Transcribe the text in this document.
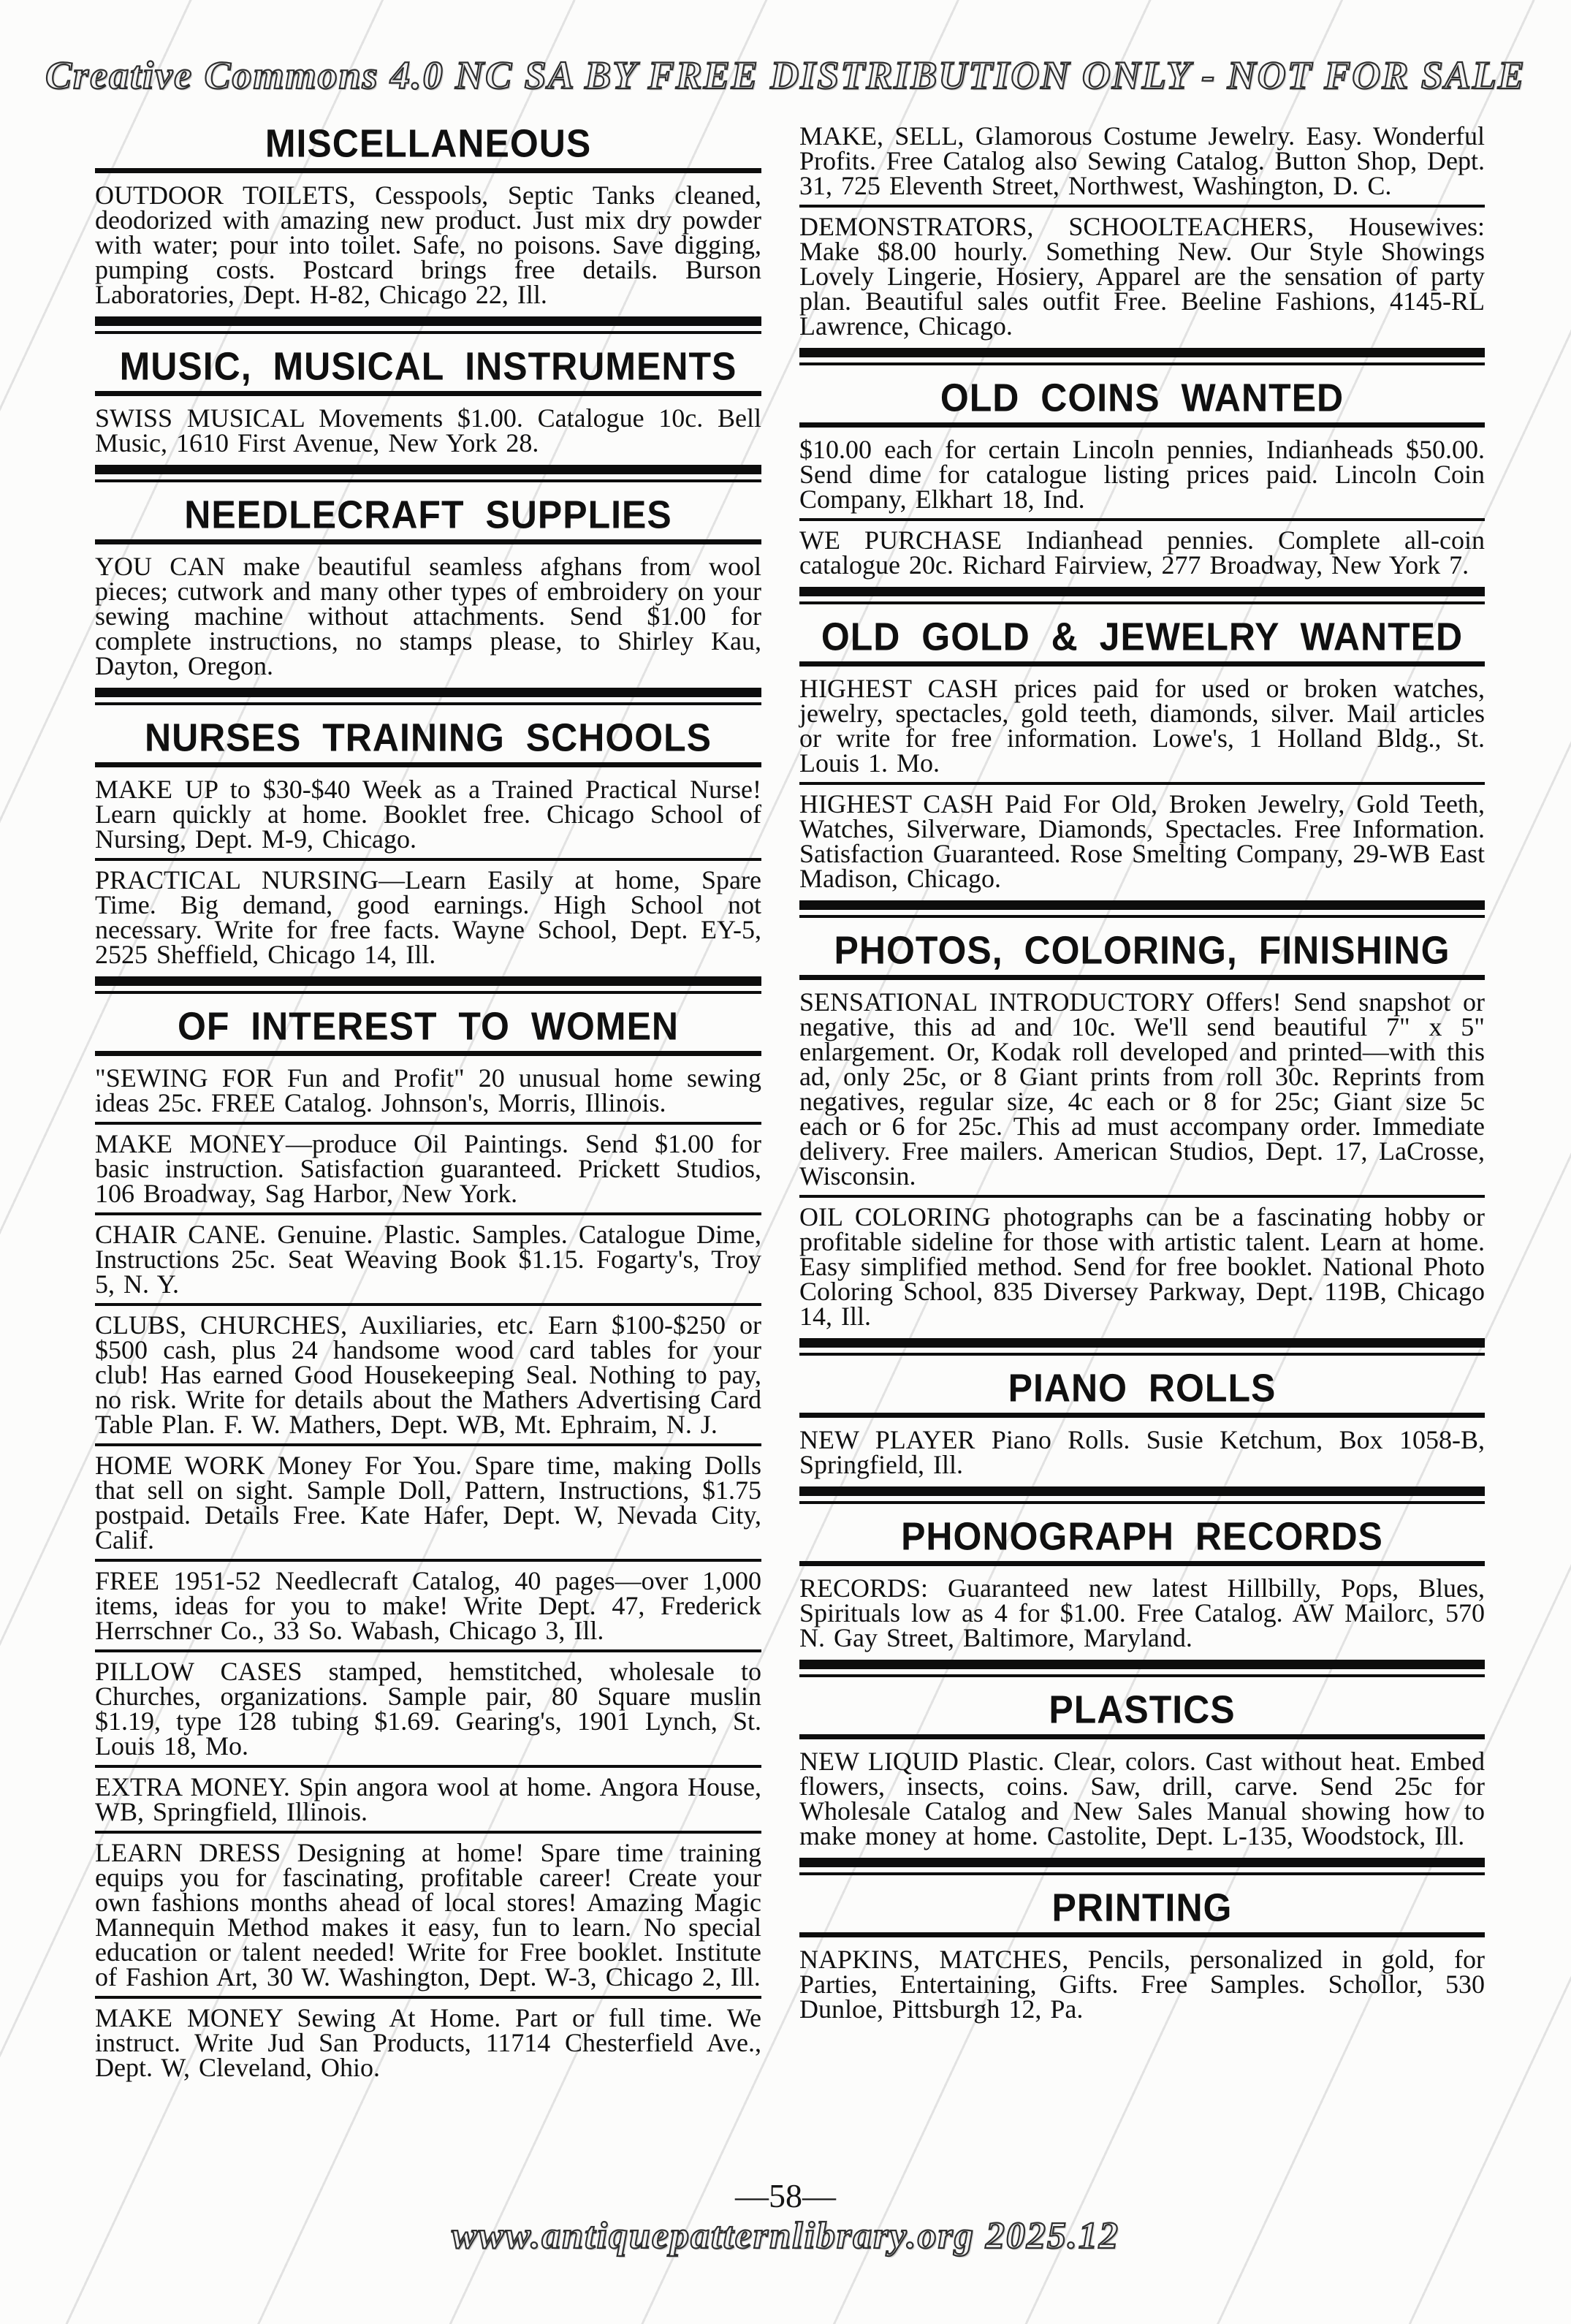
Creative Commons 4.0 NC SA BY FREE DISTRIBUTION ONLY - NOT FOR SALE
MISCELLANEOUS

OUTDOOR TOILETS, Cesspools, Septic Tanks cleaned, deodorized with amazing new product. Just mix dry powder with water; pour into toilet. Safe, no poisons. Save digging, pumping costs. Postcard brings free details. Burson Laboratories, Dept. H-82, Chicago 22, Ill.

MUSIC, MUSICAL INSTRUMENTS

SWISS MUSICAL Movements $1.00. Catalogue 10c. Bell Music, 1610 First Avenue, New York 28.

NEEDLECRAFT SUPPLIES

YOU CAN make beautiful seamless afghans from wool pieces; cutwork and many other types of embroidery on your sewing machine without attachments. Send $1.00 for complete instructions, no stamps please, to Shirley Kau, Dayton, Oregon.

NURSES TRAINING SCHOOLS

MAKE UP to $30-$40 Week as a Trained Practical Nurse! Learn quickly at home. Booklet free. Chicago School of Nursing, Dept. M-9, Chicago.

PRACTICAL NURSING—Learn Easily at home, Spare Time. Big demand, good earnings. High School not necessary. Write for free facts. Wayne School, Dept. EY-5, 2525 Sheffield, Chicago 14, Ill.

OF INTEREST TO WOMEN

"SEWING FOR Fun and Profit" 20 unusual home sewing ideas 25c. FREE Catalog. Johnson's, Morris, Illinois.

MAKE MONEY—produce Oil Paintings. Send $1.00 for basic instruction. Satisfaction guaranteed. Prickett Studios, 106 Broadway, Sag Harbor, New York.

CHAIR CANE. Genuine. Plastic. Samples. Catalogue Dime, Instructions 25c. Seat Weaving Book $1.15. Fogarty's, Troy 5, N. Y.

CLUBS, CHURCHES, Auxiliaries, etc. Earn $100-$250 or $500 cash, plus 24 handsome wood card tables for your club! Has earned Good Housekeeping Seal. Nothing to pay, no risk. Write for details about the Mathers Advertising Card Table Plan. F. W. Mathers, Dept. WB, Mt. Ephraim, N. J.

HOME WORK Money For You. Spare time, making Dolls that sell on sight. Sample Doll, Pattern, Instructions, $1.75 postpaid. Details Free. Kate Hafer, Dept. W, Nevada City, Calif.

FREE 1951-52 Needlecraft Catalog, 40 pages—over 1,000 items, ideas for you to make! Write Dept. 47, Frederick Herrschner Co., 33 So. Wabash, Chicago 3, Ill.

PILLOW CASES stamped, hemstitched, wholesale to Churches, organizations. Sample pair, 80 Square muslin $1.19, type 128 tubing $1.69. Gearing's, 1901 Lynch, St. Louis 18, Mo.

EXTRA MONEY. Spin angora wool at home. Angora House, WB, Springfield, Illinois.

LEARN DRESS Designing at home! Spare time training equips you for fascinating, profitable career! Create your own fashions months ahead of local stores! Amazing Magic Mannequin Method makes it easy, fun to learn. No special education or talent needed! Write for Free booklet. Institute of Fashion Art, 30 W. Washington, Dept. W-3, Chicago 2, Ill.

MAKE MONEY Sewing At Home. Part or full time. We instruct. Write Jud San Products, 11714 Chesterfield Ave., Dept. W, Cleveland, Ohio.

MAKE, SELL, Glamorous Costume Jewelry. Easy. Wonderful Profits. Free Catalog also Sewing Catalog. Button Shop, Dept. 31, 725 Eleventh Street, Northwest, Washington, D. C.

DEMONSTRATORS, SCHOOLTEACHERS, Housewives: Make $8.00 hourly. Something New. Our Style Showings Lovely Lingerie, Hosiery, Apparel are the sensation of party plan. Beautiful sales outfit Free. Beeline Fashions, 4145-RL Lawrence, Chicago.

OLD COINS WANTED

$10.00 each for certain Lincoln pennies, Indianheads $50.00. Send dime for catalogue listing prices paid. Lincoln Coin Company, Elkhart 18, Ind.

WE PURCHASE Indianhead pennies. Complete all-coin catalogue 20c. Richard Fairview, 277 Broadway, New York 7.

OLD GOLD & JEWELRY WANTED

HIGHEST CASH prices paid for used or broken watches, jewelry, spectacles, gold teeth, diamonds, silver. Mail articles or write for free information. Lowe's, 1 Holland Bldg., St. Louis 1. Mo.

HIGHEST CASH Paid For Old, Broken Jewelry, Gold Teeth, Watches, Silverware, Diamonds, Spectacles. Free Information. Satisfaction Guaranteed. Rose Smelting Company, 29-WB East Madison, Chicago.

PHOTOS, COLORING, FINISHING

SENSATIONAL INTRODUCTORY Offers! Send snapshot or negative, this ad and 10c. We'll send beautiful 7" x 5" enlargement. Or, Kodak roll developed and printed—with this ad, only 25c, or 8 Giant prints from roll 30c. Reprints from negatives, regular size, 4c each or 8 for 25c; Giant size 5c each or 6 for 25c. This ad must accompany order. Immediate delivery. Free mailers. American Studios, Dept. 17, LaCrosse, Wisconsin.

OIL COLORING photographs can be a fascinating hobby or profitable sideline for those with artistic talent. Learn at home. Easy simplified method. Send for free booklet. National Photo Coloring School, 835 Diversey Parkway, Dept. 119B, Chicago 14, Ill.

PIANO ROLLS

NEW PLAYER Piano Rolls. Susie Ketchum, Box 1058-B, Springfield, Ill.

PHONOGRAPH RECORDS

RECORDS: Guaranteed new latest Hillbilly, Pops, Blues, Spirituals low as 4 for $1.00. Free Catalog. AW Mailorc, 570 N. Gay Street, Baltimore, Maryland.

PLASTICS

NEW LIQUID Plastic. Clear, colors. Cast without heat. Embed flowers, insects, coins. Saw, drill, carve. Send 25c for Wholesale Catalog and New Sales Manual showing how to make money at home. Castolite, Dept. L-135, Woodstock, Ill.

PRINTING

NAPKINS, MATCHES, Pencils, personalized in gold, for Parties, Entertaining, Gifts. Free Samples. Schollor, 530 Dunloe, Pittsburgh 12, Pa.

—58—
www.antiquepatternlibrary.org 2025.12
